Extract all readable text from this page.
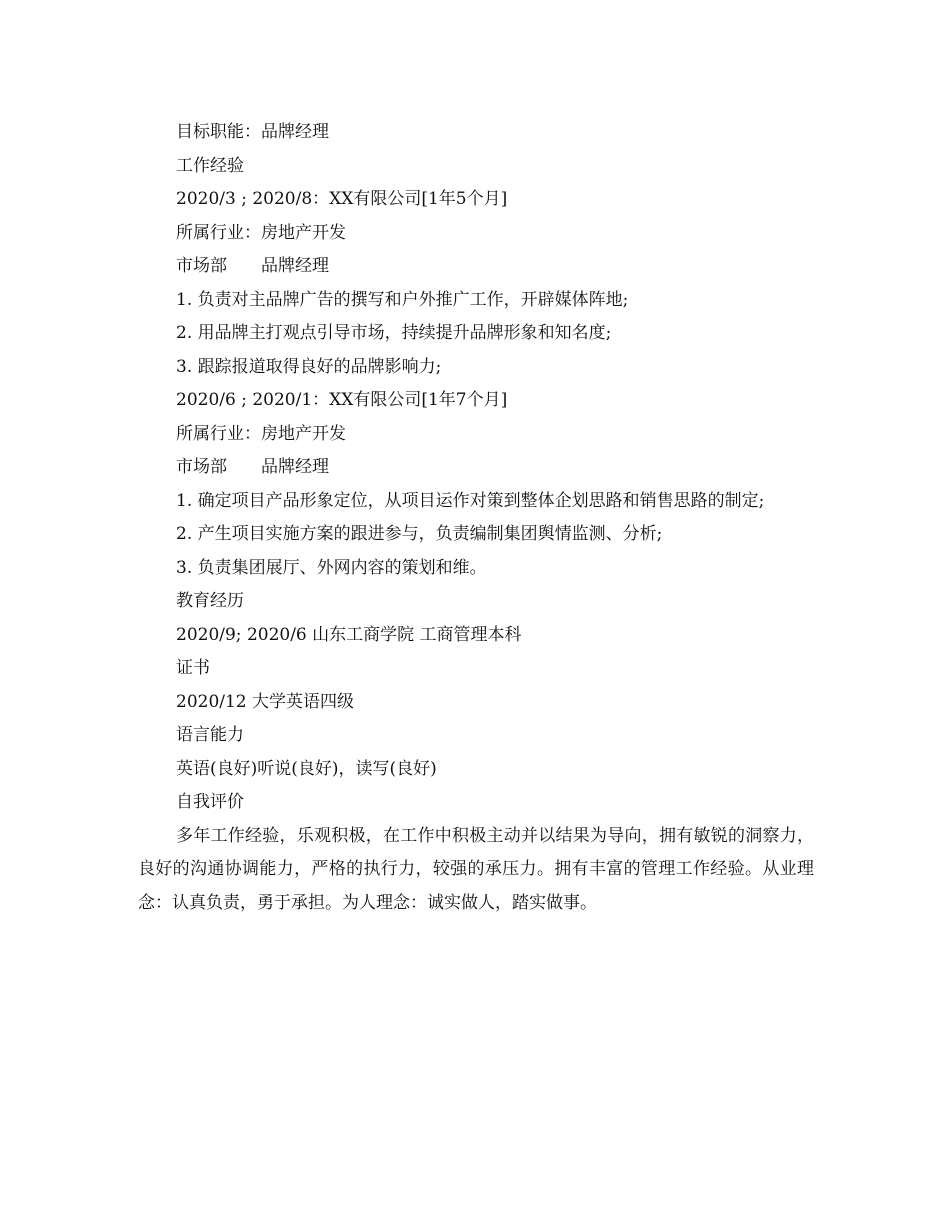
目标职能：品牌经理
工作经验
2020/3 ; 2020/8：XX有限公司[1年5个月]
所属行业：房地产开发
市场部 品牌经理
1. 负责对主品牌广告的撰写和户外推广工作，开辟媒体阵地;
2. 用品牌主打观点引导市场，持续提升品牌形象和知名度;
3. 跟踪报道取得良好的品牌影响力;
2020/6 ; 2020/1：XX有限公司[1年7个月]
所属行业：房地产开发
市场部 品牌经理

1. 确定项目产品形象定位，从项目运作对策到整体企划思路和销售思路的制定;

2. 产生项目实施方案的跟进参与，负责编制集团舆情监测、分析;
3. 负责集团展厅、外网内容的策划和维。
教育经历
2020/9; 2020/6 山东工商学院 工商管理本科
证书
2020/12 大学英语四级
语言能力
英语(良好)听说(良好)，读写(良好)
自我评价

多年工作经验，乐观积极，在工作中积极主动并以结果为导向，拥有敏锐的洞察力，良好的沟通协调能力，严格的执行力，较强的承压力。拥有丰富的管理工作经验。从业理念：认真负责，勇于承担。为人理念：诚实做人，踏实做事。
